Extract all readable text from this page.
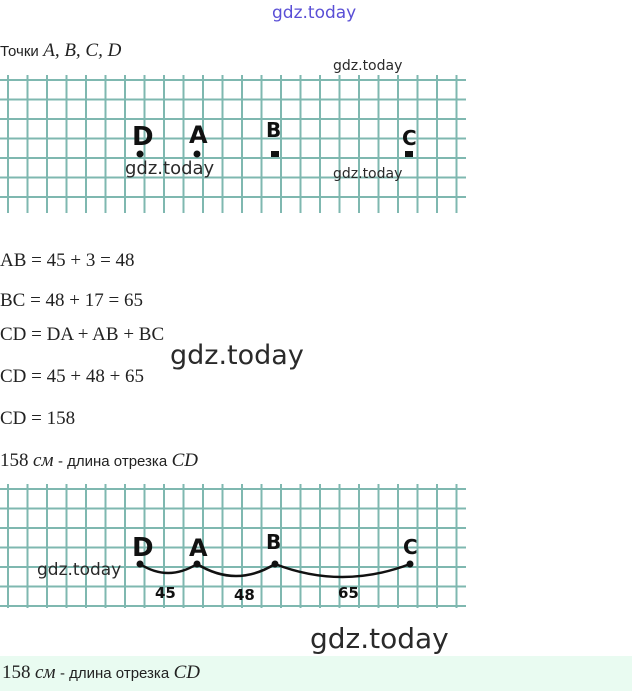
gdz.today
Точки A, B, C, D
gdz.today
D A	B	C
gdz.today	gdz.today
AB = 45 + 3 = 48
BC = 48 + 17 = 65
CD = DA + AB + BC
CD = 45 + 48 + 65
CD = 158
gdz.today
158 см - длина отрезка CD
D A	B	C
45	48	65
gdz.today
gdz.today
158 см - длина отрезка CD
